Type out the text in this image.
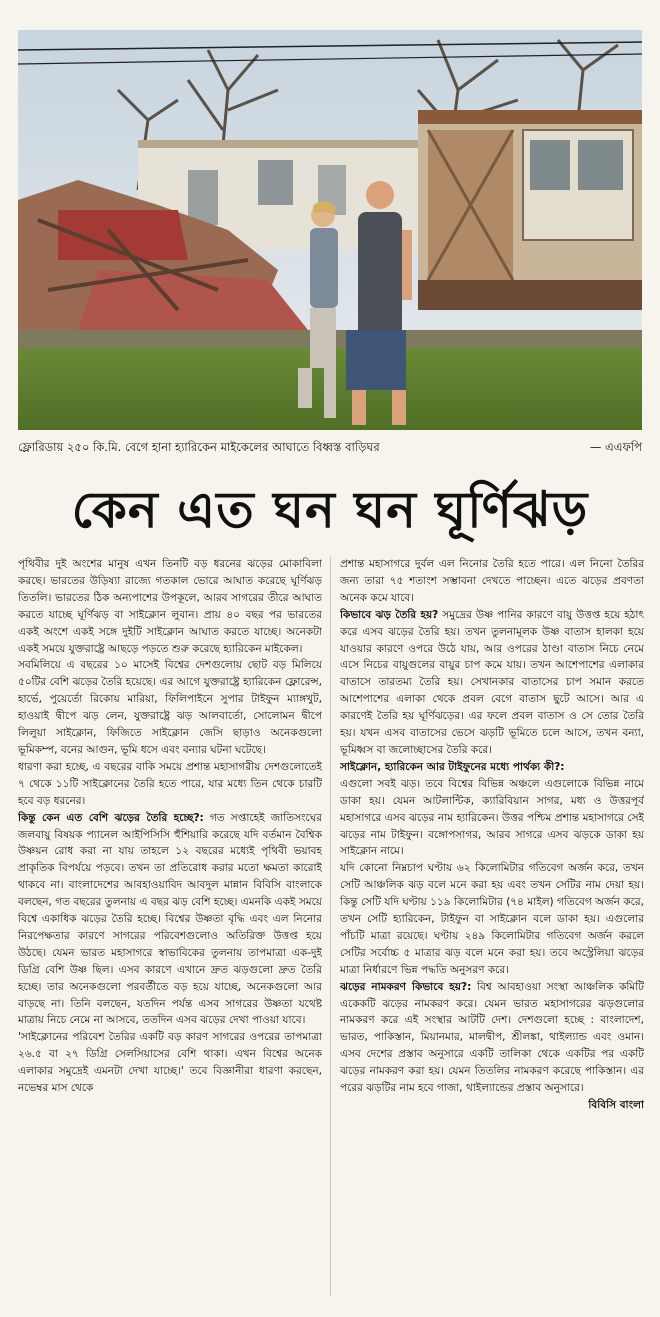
ফ্লোরিডায় ২৫০ কি.মি. বেগে হানা হ্যারিকেন মাইকেলের আঘাতে বিধ্বস্ত বাড়িঘর	— এএফপি
কেন এত ঘন ঘন ঘূর্ণিঝড়

পৃথিবীর দুই অংশের মানুষ এখন তিনটি বড় ধরনের ঝড়ের মোকাবিলা করছে। ভারতের উড়িষ্যা রাজ্যে গতকাল ভোরে আঘাত করেছে ঘূর্ণিঝড় তিতলি। ভারতের ঠিক অন্যপাশের উপকূলে, আরব সাগরের তীরে আঘাত করতে যাচ্ছে ঘূর্ণিঝড় বা সাইক্লোন লুবান। প্রায় ৪০ বছর পর ভারতের একই অংশে একই সঙ্গে দুইটি সাইক্লোন আঘাত করতে যাচ্ছে। অনেকটা একই সময়ে যুক্তরাষ্ট্রে আছড়ে পড়তে শুরু করেছে হ্যারিকেন মাইকেল।

সবমিলিয়ে এ বছরের ১০ মাসেই বিশ্বের দেশগুলোয় ছোট বড় মিলিয়ে ৫০টির বেশি ঝড়ের তৈরি হয়েছে। এর আগে যুক্তরাষ্ট্রে হ্যারিকেন ফ্লোরেন্স, হার্ভে, পুয়ের্তো রিকোয় মারিয়া, ফিলিপাইনে সুপার টাইফুন ম্যাঙ্গখুট, হাওয়াই দ্বীপে ঝড় লেন, যুক্তরাষ্ট্রে ঝড় আলবার্তো, সোলোমন দ্বীপে লিলুয়া সাইক্লোন, ফিজিতে সাইক্লোন জেসি ছাড়াও অনেকগুলো ভূমিকম্প, বনের আগুন, ভূমি ধসে এবং বন্যার ঘটনা ঘটেছে।

ধারণা করা হচ্ছে, এ বছরের বাকি সময়ে প্রশান্ত মহাসাগরীয় দেশগুলোতেই ৭ থেকে ১১টি সাইক্লোনের তৈরি হতে পারে, যার মধ্যে তিন থেকে চারটি হবে বড় ধরনের।

কিন্তু কেন এত বেশি ঝড়ের তৈরি হচ্ছে?: গত সপ্তাহেই জাতিসংঘের জলবায়ু বিষয়ক প্যানেল আইপিসিসি হুঁশিয়ারি করেছে যদি বর্তমান বৈশ্বিক উষ্ণয়ন রোধ করা না যায় তাহলে ১২ বছরের মধ্যেই পৃথিবী ভয়াবহ প্রাকৃতিক বিপর্যয়ে পড়বে। তখন তা প্রতিরোধ করার মতো ক্ষমতা কারোই থাকবে না। বাংলাদেশের আবহাওয়াবিদ আবদুল মান্নান বিবিসি বাংলাকে বলছেন, গত বছরের তুলনায় এ বছর ঝড় বেশি হচ্ছে। এমনকি একই সময়ে বিশ্বে একাধিক ঝড়ের তৈরি হচ্ছে। বিশ্বের উষ্ণতা বৃদ্ধি এবং এল নিনোর নিরপেক্ষতার কারণে সাগরের পরিবেশগুলোও অতিরিক্ত উত্তপ্ত হয়ে উঠছে। যেমন ভারত মহাসাগরে স্বাভাবিকের তুলনায় তাপমাত্রা এক-দুই ডিগ্রি বেশি উষ্ণ ছিল। এসব কারণে এখানে দ্রুত ঝড়গুলো দ্রুত তৈরি হচ্ছে। তার অনেকগুলো পরবর্তীতে বড় হয়ে যাচ্ছে, অনেকগুলো আর বাড়ছে না। তিনি বলছেন, যতদিন পর্যন্ত এসব সাগরের উষ্ণতা যথেষ্ট মাত্রায় নিচে নেমে না আসবে, ততদিন এসব ঝড়ের দেখা পাওয়া যাবে।

'সাইক্লোনের পরিবেশ তৈরির একটি বড় কারণ সাগরের ওপরের তাপমাত্রা ২৬.৫ বা ২৭ ডিগ্রি সেলসিয়াসের বেশি থাকা। এখন বিশ্বের অনেক এলাকার সমুদ্রেই এমনটা দেখা যাচ্ছে।' তবে বিজ্ঞানীরা ধারণা করছেন, নভেম্বর মাস থেকে

প্রশান্ত মহাসাগরে দুর্বল এল নিনোর তৈরি হতে পারে। এল নিনো তৈরির জন্য তারা ৭৫ শতাংশ সম্ভাবনা দেখতে পাচ্ছেন। এতে ঝড়ের প্রবণতা অনেক কমে যাবে।

কিভাবে ঝড় তৈরি হয়? সমুদ্রের উষ্ণ পানির কারণে বায়ু উত্তপ্ত হয়ে হঠাৎ করে এসব ঝড়ের তৈরি হয়। তখন তুলনামূলক উষ্ণ বাতাস হালকা হয়ে যাওয়ার কারণে ওপরে উঠে যায়, আর ওপরের ঠাণ্ডা বাতাস নিচে নেমে এসে নিচের বায়ুগুলের বায়ুর চাপ কমে যায়। তখন আশেপাশের এলাকার বাতাসে তারতম্য তৈরি হয়। সেখানকার বাতাসের চাপ সমান করতে আশেপাশের এলাকা থেকে প্রবল বেগে বাতাস ছুটে আসে। আর এ কারণেই তৈরি হয় ঘূর্ণিঝড়ের। এর ফলে প্রবল বাতাস ও সে তাের তৈরি হয়। যখন এসব বাতাসের ভেসে ঝড়টি ভূমিতে চলে আসে, তখন বন্যা, ভূমিধ্বস বা জলোচ্ছাসের তৈরি করে।

সাইক্লোন, হ্যারিকেন আর টাইফুনের মধ্যে পার্থক্য কী?:

এগুলো সবই ঝড়। তবে বিশ্বের বিভিন্ন অঞ্চলে এগুলোকে বিভিন্ন নামে ডাকা হয়। যেমন আটলান্টিক, ক্যারিবিয়ান সাগর, মধ্য ও উত্তরপূর্ব মহাসাগরে এসব ঝড়ের নাম হ্যারিকেন। উত্তর পশ্চিম প্রশান্ত মহাসাগরে সেই ঝড়ের নাম টাইফুন। বঙ্গোপসাগর, আরব সাগরে এসব ঝড়কে ডাকা হয় সাইক্লোন নামে।

যদি কোনো নিম্নচাপ ঘণ্টায় ৬২ কিলোমিটার গতিবেগ অর্জন করে, তখন সেটি আঞ্চলিক ঝড় বলে মনে করা হয় এবং তখন সেটির নাম দেয়া হয়। কিন্তু সেটি যদি ঘণ্টায় ১১৯ কিলোমিটার (৭৪ মাইল) গতিবেগ অর্জন করে, তখন সেটি হ্যারিকেন, টাইফুন বা সাইক্লোন বলে ডাকা হয়। এগুলোর পাঁচটি মাত্রা রয়েছে। ঘণ্টায় ২৪৯ কিলোমিটার গতিবেগ অর্জন করলে সেটির সর্বোচ্চ ৫ মাত্রার ঝড় বলে মনে করা হয়। তবে অস্ট্রেলিয়া ঝড়ের মাত্রা নির্ধারণে ভিন্ন পদ্ধতি অনুসরণ করে।

ঝড়ের নামকরণ কিভাবে হয়?: বিশ্ব আবহাওয়া সংস্থা আঞ্চলিক কমিটি একেকটি ঝড়ের নামকরণ করে। যেমন ভারত মহাসাগরের ঝড়গুলোর নামকরণ করে এই সংস্থার আটটি দেশ। দেশগুলো হচ্ছে : বাংলাদেশ, ভারত, পাকিস্তান, মিয়ানমার, মালদ্বীপ, শ্রীলঙ্কা, থাইল্যান্ড এবং ওমান। এসব দেশের প্রস্তাব অনুসারে একটি তালিকা থেকে একটির পর একটি ঝড়ের নামকরণ করা হয়। যেমন তিতলির নামকরণ করেছে পাকিস্তান। এর পরের ঝড়টির নাম হবে গাজা, থাইল্যান্ডের প্রস্তাব অনুসারে।

বিবিসি বাংলা
